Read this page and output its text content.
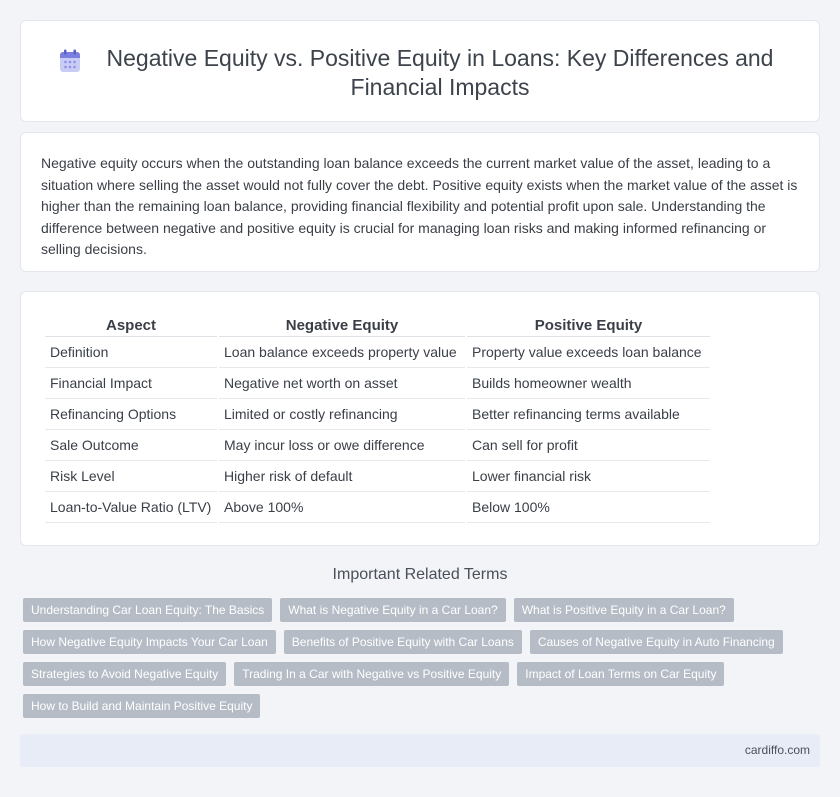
Negative Equity vs. Positive Equity in Loans: Key Differences and Financial Impacts

Negative equity occurs when the outstanding loan balance exceeds the current market value of the asset, leading to a situation where selling the asset would not fully cover the debt. Positive equity exists when the market value of the asset is higher than the remaining loan balance, providing financial flexibility and potential profit upon sale. Understanding the difference between negative and positive equity is crucial for managing loan risks and making informed refinancing or selling decisions.

Aspect	Negative Equity	Positive Equity
Definition	Loan balance exceeds property value	Property value exceeds loan balance
Financial Impact	Negative net worth on asset	Builds homeowner wealth
Refinancing Options	Limited or costly refinancing	Better refinancing terms available
Sale Outcome	May incur loss or owe difference	Can sell for profit
Risk Level	Higher risk of default	Lower financial risk
Loan-to-Value Ratio (LTV)	Above 100%	Below 100%
Important Related Terms
Understanding Car Loan Equity: The Basics	What is Negative Equity in a Car Loan?	What is Positive Equity in a Car Loan?
How Negative Equity Impacts Your Car Loan	Benefits of Positive Equity with Car Loans	Causes of Negative Equity in Auto Financing
Strategies to Avoid Negative Equity	Trading In a Car with Negative vs Positive Equity	Impact of Loan Terms on Car Equity
How to Build and Maintain Positive Equity
cardiffo.com
